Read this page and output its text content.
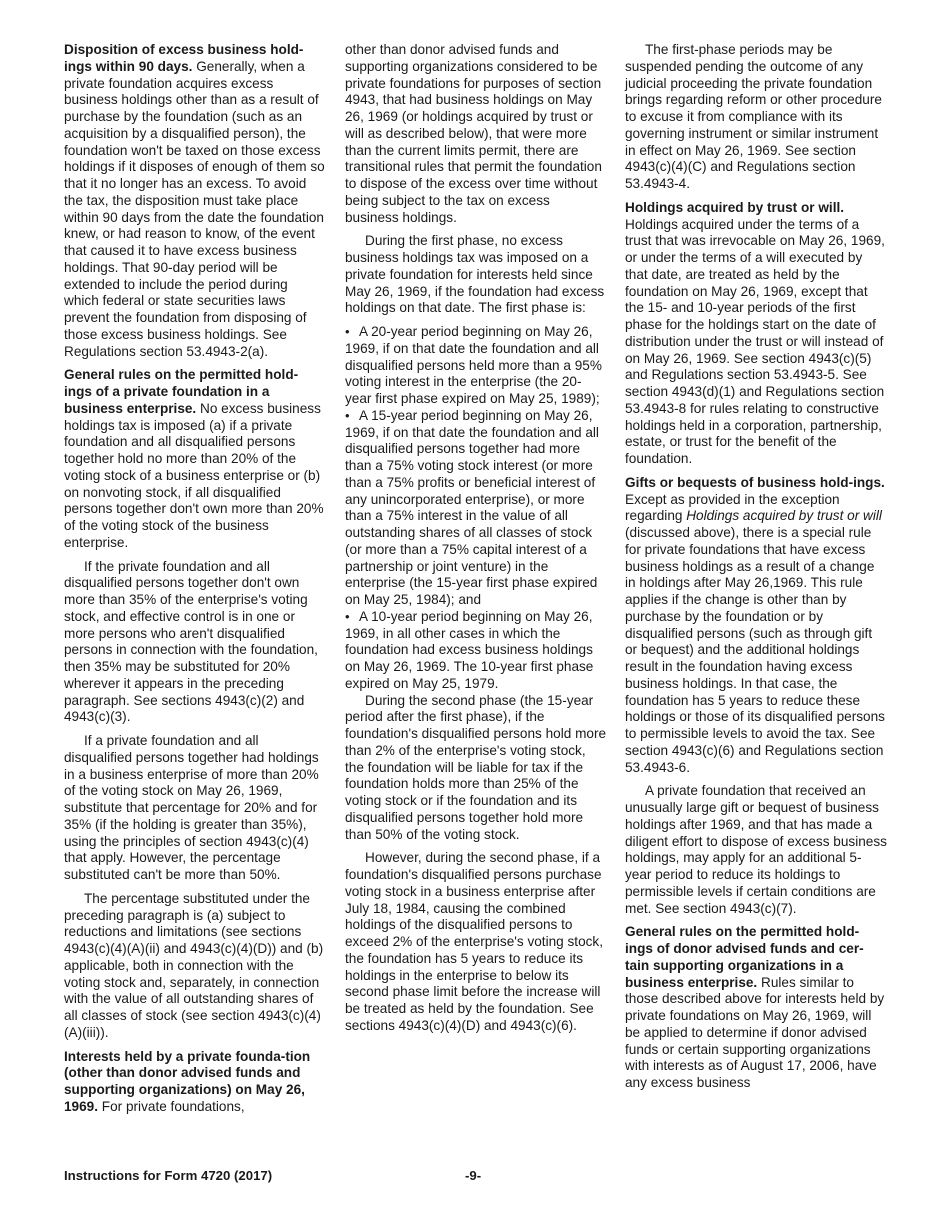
Disposition of excess business hold-ings within 90 days. Generally, when a private foundation acquires excess business holdings other than as a result of purchase by the foundation (such as an acquisition by a disqualified person), the foundation won't be taxed on those excess holdings if it disposes of enough of them so that it no longer has an excess. To avoid the tax, the disposition must take place within 90 days from the date the foundation knew, or had reason to know, of the event that caused it to have excess business holdings. That 90-day period will be extended to include the period during which federal or state securities laws prevent the foundation from disposing of those excess business holdings. See Regulations section 53.4943-2(a).

General rules on the permitted hold-ings of a private foundation in a business enterprise. No excess business holdings tax is imposed (a) if a private foundation and all disqualified persons together hold no more than 20% of the voting stock of a business enterprise or (b) on nonvoting stock, if all disqualified persons together don't own more than 20% of the voting stock of the business enterprise.

If the private foundation and all disqualified persons together don't own more than 35% of the enterprise's voting stock, and effective control is in one or more persons who aren't disqualified persons in connection with the foundation, then 35% may be substituted for 20% wherever it appears in the preceding paragraph. See sections 4943(c)(2) and 4943(c)(3).

If a private foundation and all disqualified persons together had holdings in a business enterprise of more than 20% of the voting stock on May 26, 1969, substitute that percentage for 20% and for 35% (if the holding is greater than 35%), using the principles of section 4943(c)(4) that apply. However, the percentage substituted can't be more than 50%.

The percentage substituted under the preceding paragraph is (a) subject to reductions and limitations (see sections 4943(c)(4)(A)(ii) and 4943(c)(4)(D)) and (b) applicable, both in connection with the voting stock and, separately, in connection with the value of all outstanding shares of all classes of stock (see section 4943(c)(4)(A)(iii)).

Interests held by a private founda-tion (other than donor advised funds and supporting organizations) on May 26, 1969. For private foundations,

other than donor advised funds and supporting organizations considered to be private foundations for purposes of section 4943, that had business holdings on May 26, 1969 (or holdings acquired by trust or will as described below), that were more than the current limits permit, there are transitional rules that permit the foundation to dispose of the excess over time without being subject to the tax on excess business holdings.

During the first phase, no excess business holdings tax was imposed on a private foundation for interests held since May 26, 1969, if the foundation had excess holdings on that date. The first phase is:

• A 20-year period beginning on May 26, 1969, if on that date the foundation and all disqualified persons held more than a 95% voting interest in the enterprise (the 20-year first phase expired on May 25, 1989);

• A 15-year period beginning on May 26, 1969, if on that date the foundation and all disqualified persons together had more than a 75% voting stock interest (or more than a 75% profits or beneficial interest of any unincorporated enterprise), or more than a 75% interest in the value of all outstanding shares of all classes of stock (or more than a 75% capital interest of a partnership or joint venture) in the enterprise (the 15-year first phase expired on May 25, 1984); and

• A 10-year period beginning on May 26, 1969, in all other cases in which the foundation had excess business holdings on May 26, 1969. The 10-year first phase expired on May 25, 1979.

During the second phase (the 15-year period after the first phase), if the foundation's disqualified persons hold more than 2% of the enterprise's voting stock, the foundation will be liable for tax if the foundation holds more than 25% of the voting stock or if the foundation and its disqualified persons together hold more than 50% of the voting stock.

However, during the second phase, if a foundation's disqualified persons purchase voting stock in a business enterprise after July 18, 1984, causing the combined holdings of the disqualified persons to exceed 2% of the enterprise's voting stock, the foundation has 5 years to reduce its holdings in the enterprise to below its second phase limit before the increase will be treated as held by the foundation. See sections 4943(c)(4)(D) and 4943(c)(6).

The first-phase periods may be suspended pending the outcome of any judicial proceeding the private foundation brings regarding reform or other procedure to excuse it from compliance with its governing instrument or similar instrument in effect on May 26, 1969. See section 4943(c)(4)(C) and Regulations section 53.4943-4.

Holdings acquired by trust or will. Holdings acquired under the terms of a trust that was irrevocable on May 26, 1969, or under the terms of a will executed by that date, are treated as held by the foundation on May 26, 1969, except that the 15- and 10-year periods of the first phase for the holdings start on the date of distribution under the trust or will instead of on May 26, 1969. See section 4943(c)(5) and Regulations section 53.4943-5. See section 4943(d)(1) and Regulations section 53.4943-8 for rules relating to constructive holdings held in a corporation, partnership, estate, or trust for the benefit of the foundation.

Gifts or bequests of business hold-ings. Except as provided in the exception regarding Holdings acquired by trust or will (discussed above), there is a special rule for private foundations that have excess business holdings as a result of a change in holdings after May 26,1969. This rule applies if the change is other than by purchase by the foundation or by disqualified persons (such as through gift or bequest) and the additional holdings result in the foundation having excess business holdings. In that case, the foundation has 5 years to reduce these holdings or those of its disqualified persons to permissible levels to avoid the tax. See section 4943(c)(6) and Regulations section 53.4943-6.

A private foundation that received an unusually large gift or bequest of business holdings after 1969, and that has made a diligent effort to dispose of excess business holdings, may apply for an additional 5-year period to reduce its holdings to permissible levels if certain conditions are met. See section 4943(c)(7).

General rules on the permitted hold-ings of donor advised funds and cer-tain supporting organizations in a business enterprise. Rules similar to those described above for interests held by private foundations on May 26, 1969, will be applied to determine if donor advised funds or certain supporting organizations with interests as of August 17, 2006, have any excess business

Instructions for Form 4720 (2017)	-9-
